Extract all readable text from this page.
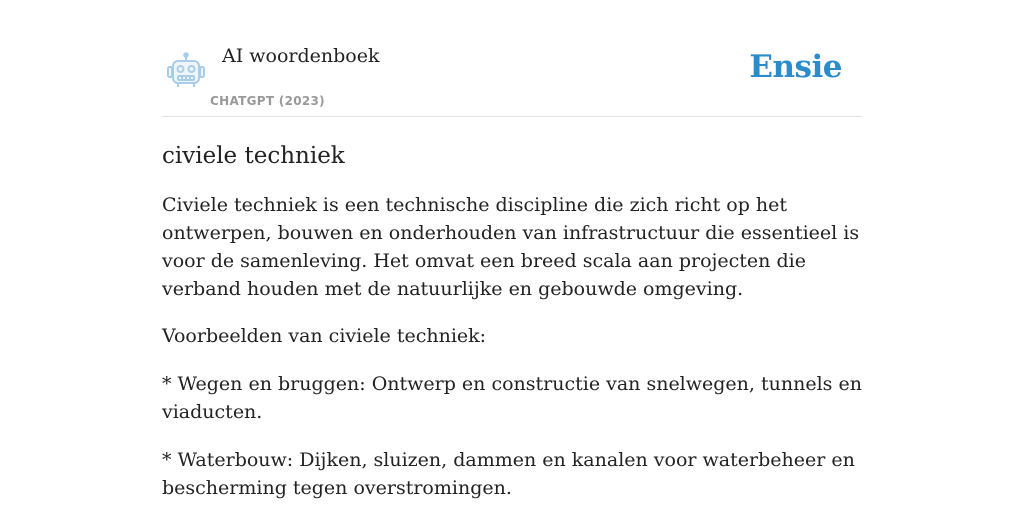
AI woordenboek
CHATGPT (2023)
Ensie
civiele techniek

Civiele techniek is een technische discipline die zich richt op het ontwerpen, bouwen en onderhouden van infrastructuur die essentieel is voor de samenleving. Het omvat een breed scala aan projecten die verband houden met de natuurlijke en gebouwde omgeving.

Voorbeelden van civiele techniek:

* Wegen en bruggen: Ontwerp en constructie van snelwegen, tunnels en viaducten.

* Waterbouw: Dijken, sluizen, dammen en kanalen voor waterbeheer en bescherming tegen overstromingen.
